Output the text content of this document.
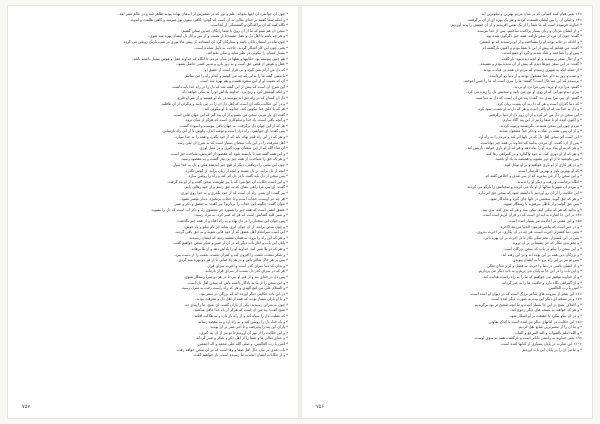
* چون آن جوانمرد آن آیتها بخواند، علم و نور که در ضمیرش از آسمان نهاده بودند ظاهر شد و در عالم نشر آمد.
* و اینکه شما گفتید بر خدای تعالی نه آن است که گوئی: گاهی ستون نور میرسد و گاهی ظلمت و اندوه.
* نگاه کنید که آن پراکندگی و گسستگی از کجاست.
* سخن آن هم شنو که ما از آن روی با شما رایگان چندین سخن گفتیم.
* و هر چه باشد با اهل دل و عقل نشیند تا از نصیب و از سر و کار دل ایشان بهره مند شوی.
* چون ماه در آسمان تابان باشد و ستارگان گرد آن ایستاده، از پیش ماه نوری در شب تاریک روشن می گردد.
* یعنی چون این کار آشکار گردید، حاجت به دلیل نمانده است.
* بسیار کسان را نیکوئی در نظر میآید و نیکی نمیدانند.
* هم چنین پیوسته بود حکایتها و نقلها در میان مردم، تا آنگاه که خداوند عقل و هوش بسیار داشته باشد.
* عقل و هوش از فیض حق است و به زور بازو و تدبیر کسی حاصل نشود.
* که دل من آرام نمی گیرد و بی قرار است از عشق او.
* تا معنی گفته ما را بدانی که چه می گوئیم و کدام راه را می نمائیم.
* آن که نصیب او از این سفره هست و هم بهره مند است.
* این شرح آن است که پیش از این گفته شد که دل را در راه خدا باید داشت.
* و آنکه کوشش کرد و رنج برد، خداوند پاداش او را به نیکی خواهد داد.
* دل آن کسان که در راه حق اند پیوسته در یاد او هستند و از غیر او فارغ.
* و در این حکایت نکته ای است که اهل دل آن را در می یابند و دیگران از آن غافلند.
* هر که با خلق خدا نیکوئی کند، خداوند با او نیکوئی کند.
* گفت ای یار عزیز، سخن من بشنو و از آن پند گیر که این جهان فانی است.
* و آنچه باقی است، یاد خدا و نیکوکاری است که هرگز از میان نرود.
* هر که از این جهان دل برگرفت، به جهان باقی پیوست و آسوده گشت.
* پس گفت: ای جوانمرد، راه دراز است و توشه اندک، بکوش تا از این راه بازنمانی.
* و هر که در این راه قدم نهاد، باید که از خود بگذرد و همه را به خدا سپارد.
* اهل معرفت را در این باب سخنان بسیار است که به شرح آن نمی رسد.
* ان شاء الله که از این سخنان بهره گیری و در عمل آوری.
* و این همه گفته شد تا دانسته شود که مقصود از آفرینش، شناخت حق است.
* و هر که حق را شناخت، از همه چیز بی نیاز گشت و به مقصود رسید.
* چون این معنی را دریافتی، دیگر از هیچ چیز اندیشه مکن و دل به خدا سپار.
* آنچه از دل برآید، بر دل نشیند و آنچه از زبان برآید، از گوش نگذرد.
* پس سخن از دل باید گفت تا در دل اثر کند و راه را روشن سازد.
* و این است حکایت آن جوانمرد که با پیر طریقت سخن گفت و از او پند گرفت.
* گفت: ای پیر، مرا راهی بنمای که به حق رسم و از خود رهائی یابم.
* پیر گفت: ای پسر، راه آن است که از خود بگذری و به خدا روی آوری.
* هر چه جز اوست، حجاب است و تا حجاب برنخیزد، دیدار میسر نشود.
* جوان گفت: چگونه این حجاب را بردارم؟ پیر گفت: به عشق و ذکر و صبر.
* عشق آتشی است که همه چیز را بسوزد جز معشوق را، و ذکر آب است که دل را بشوید.
* و صبر کلید گشایش است که هر که صبر کرد، به مراد رسید.
* پس جوان این سخنان را در دل نهاد و به راه افتاد و از همه چیز بگذشت.
* و چون مدتی برآمد، از آن جوان اثری نماند جز نام نیکو و یاد خوش.
* این است سرانجام اهل عشق که از خود فانی شوند و به حق باقی گردند.
* و هر که این راه را برود، به همان مقصد رسد که ایشان رسیدند.
* پایان این باب و آغاز باب دیگر که در آن از صبر و شکر سخن خواهیم گفت.
* و هر که در بلا صبر کند، خداوند او را پاداش دهد و از بلا برهاند.
* و شکر نعمت، نعمت را افزون کند و کفران نعمت، نعمت را از دست ببرد.
* پس بر هر حال شاکر باش و در هر بلا صابر، تا از هر دو بهره مند گردی.
* و بدان که دنیا سرای گذر است و آخرت سرای قرار.
* هر که در سرای گذر دل بست، از سرای قرار بازماند.
* پس دل در خدای بند و از غیر او ببر، تا در هر دو سرا رستگار شوی.
* و این سخن را از ما به یادگار داشته باش که سخن اهل دل است.
* و السلام علی من اتبع الهدی و هر که راه راست رفت به منزل رسید.
* در این باب حکایتی دیگر آورده اند که بزرگی در سفر بود.
* و با او یاران بسیار بودند که همه از اهل دل و معرفت بودند.
* چون به منزلی رسیدند، یکی از یاران گفت: ای شیخ، ما را پندی ده.
* شیخ گفت: پند من آن است که هرگز از یاد خدا غافل مباشید.
* که غفلت، دل را سیاه کند و از راه باز دارد و به هلاکت افکند.
* و یاد خدا، دل را روشن کند و به راه آرد و به مقصد رساند.
* یاران این پند را پذیرفتند و تا آخر عمر بر آن بودند.
* و این حکایت را از بهر آن آوردیم تا تو نیز از آن پند گیری.
* و خدای تعالی ما و شما را از اهل ذکر و شکر و صبر گرداند.
* آمین یا رب العالمین، و صلی الله علی محمد و آله اجمعین.
* باب بعدی در بیان حال اهل صفا و وفا است که در آن سخن خواهد رفت.
* و از حکایات ایشان آنچه به ما رسیده است، باز خواهیم گفت.
۷۵۷
«۲» یعنی قیام کنند کسانی که در میان مردم بهترین و نیکوترین اند.
«۳» و لیکن آن را بین ایشان قسمت کردند و هر یک بهره ای از آن برگرفتند.
* خداوند فرموده است که ما شما را از یک نفس آفریدیم و از آن جفتش را پدید آوردیم.
* و از ایشان مردان و زنان بسیار پراکنده ساختیم، پس از خدا بترسید.
* گفت: چون آن مرد از سفر بازآمد، همه چیز دگرگون شده بود.
* و آنانکه در خانه بودند او را نشناختند و از او پرسیدند که تو کیستی.
* گفت: من همانم که پیش از این با شما بودم و اکنون بازگشته ام.
* پس او را شناختند و شاد شدند و گرد او جمع آمدند.
* و از حال سفر پرسیدند و او آنچه دیده بود، باز گفت.
* گفت: در این سفر چیزها دیدم که پیش از آن ندیده بودم و نشنیده.
* از جمله آنکه به شهری رسیدم که مردم آن همه در عبادت بودند.
* و شب و روز به ذکر خدا مشغول بودند و از دنیا رو گردانیده.
* پرسیدم که این چه حال است؟ گفتند: ما را پیری است که ما را چنین آموخته.
* گفتم: مرا نزد او برید. پس مرا نزد او بردند.
* پیری دیدم نورانی که از روی او نور می تابید و سخنش دل را زنده می کرد.
* گفتم: ای پیر، مرا پندی ده. گفت: پند من آن است که دل به دنیا مبند.
* که دنیا گذران است و هر که دل به آن بست، زیان کرد.
* و دل به خدا بند که او باقی است و هر که دل به او بست، سود کرد.
* این سخن در دل من اثر کرد و از آن روز دل از دنیا برگرفتم.
* و اکنون آمده ام تا شما را نیز از این پند آگاه سازم.
* مردم چون این سخن شنیدند، بگریستند و توبه کردند.
* و از آن پس، همه در عبادت و ذکر خدا مشغول شدند.
* این است اثر سخن اهل دل که در دلها اثر کند و مردم را به راه آرد.
* پس از آن، گفت: ای مردم، بدانید که خداوند بر همه چیز تواناست.
* و هر که به او پناه برد، او را پناه دهد و هر که از او یاری خواهد، یاریش کند.
* و هر که از او دوری کند، به خود واگذارد و در گمراهی رها کند.
* پس بکوشید تا از او دور نشوید و همیشه به یاد او باشید.
* و در هر کاری از او یاری خواهید و بر او توکل کنید.
* که او بهترین یاور و بهترین کارساز است.
* و این سخن را از من بپذیرید که از سر صدق و اخلاص گفته ام.
* آنگاه برخاست و رفت و دیگر او را ندیدند.
* و مردم آن شهر تا سالها از او یاد می کردند و سخنانش را بازگو می کردند.
* این حکایت را از آن رو آوردیم تا دانسته شود که سخن حق اثر دارد.
* و هر که حق گوید، سخنش در دلها جای گیرد و ماندگار شود.
* پس حق گوئید و از باطل بپرهیزید تا رستگار شوید.
* و بدانید که هر که نیکی کند، نیکی بیند و هر که بدی کند، بدی بیند.
«۴» در این جا اشاره به آیه ای است که در قرآن کریم آمده است.
«۵» و این معنی در احادیث نیز بسیار آمده است.
* و در خبر است که پیامبر فرمود: الدنیا مزرعة الاخرة.
* یعنی دنیا کشتزار آخرت است، هر چه در آن بکاری، در آخرت بدروی.
* پس در این کشتزار، تخم نیکی بکار تا در آخرت بر آن بهره یابی.
* و تخم بدی مکار که جز پشیمانی بر آن نروید.
* و این سخن را نیکو در یاب که سخن بزرگان است.
* و بزرگان دین همه بر این بوده اند و بر این رفته اند.
* پس تو نیز بر این راه برو تا به ایشان پیوندی.
* و از ایشان باشی در دنیا و آخرت، به فضل و کرم خدای تعالی.
* و این باب را در این جا به پایان می بریم و به باب دیگر می پردازیم.
* و از خداوند توفیق می خواهیم که ما را به راه راست هدایت کند.
* و از گمراهی نگاه دارد و عاقبت ما را به خیر گرداند.
* آمین یا رب العالمین.
«۶» این شعر از سروده های شاعر بزرگ است که در دیوان او آمده است.
«۷» و در نسخه ای دیگر این بیت به صورت دیگر آمده است.
* و اختلاف نسخ در این جا بسیار است و ما آنچه صحیح تر بود برگزیدیم.
* و هر که خواهد، به نسخه های دیگر رجوع کند.
* و در آن نیکو بنگرد تا حقیقت بر او آشکار شود.
«۸» این حکایت در کتابهای دیگر نیز آمده است با اندک تفاوتی.
* و ما آن را از معتبرترین منابع نقل کردیم.
* و الله اعلم بالصواب و الیه المرجع و المآب.
«۹» یعنی خداوند به راستی داناتر است و بازگشت همه به سوی اوست.
«۱۰» این عبارت در پایان بسیاری از کتابها آمده است.
* و ما نیز آن را در پایان این باب آوردیم.
۷۵۶
